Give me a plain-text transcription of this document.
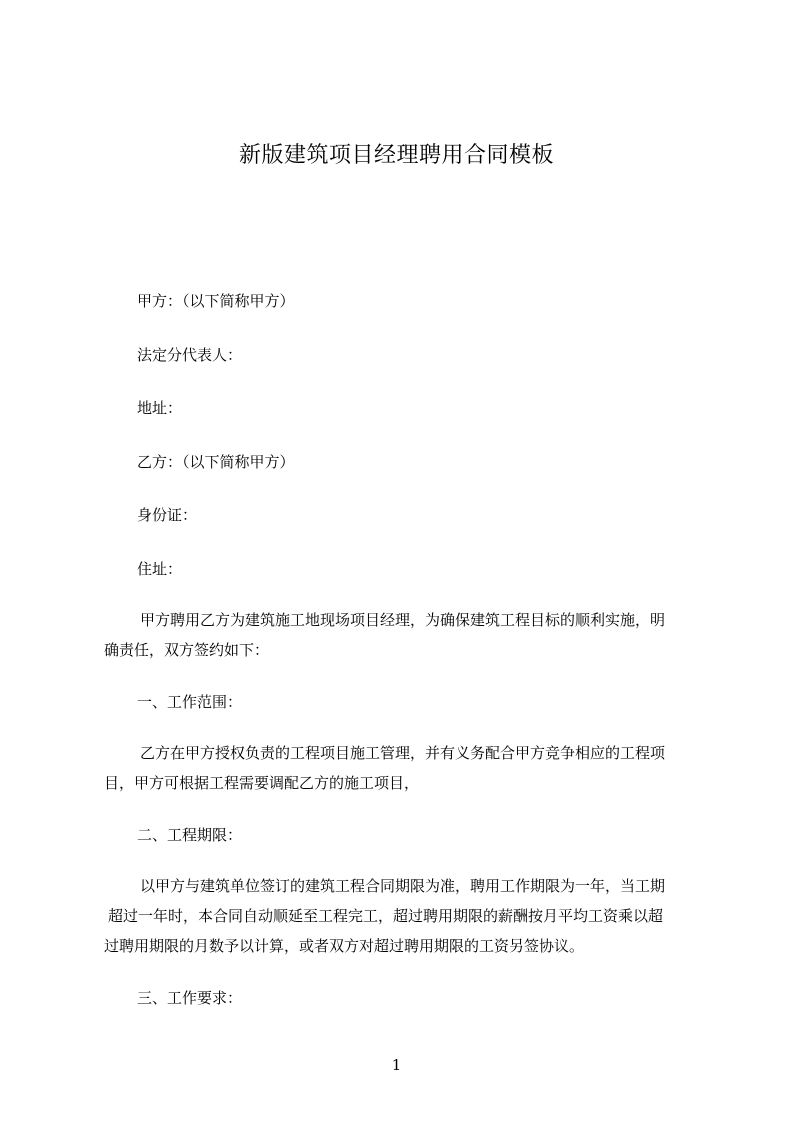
新版建筑项目经理聘用合同模板
甲方：（以下简称甲方）
法定分代表人：
地址：
乙方：（以下简称甲方）
身份证：
住址：
甲方聘用乙方为建筑施工地现场项目经理，为确保建筑工程目标的顺利实施，明
确责任，双方签约如下：
一、工作范围：
乙方在甲方授权负责的工程项目施工管理，并有义务配合甲方竞争相应的工程项
目，甲方可根据工程需要调配乙方的施工项目，
二、工程期限：
以甲方与建筑单位签订的建筑工程合同期限为准，聘用工作期限为一年，当工期
超过一年时，本合同自动顺延至工程完工，超过聘用期限的薪酬按月平均工资乘以超
过聘用期限的月数予以计算，或者双方对超过聘用期限的工资另签协议。
三、工作要求：
1
